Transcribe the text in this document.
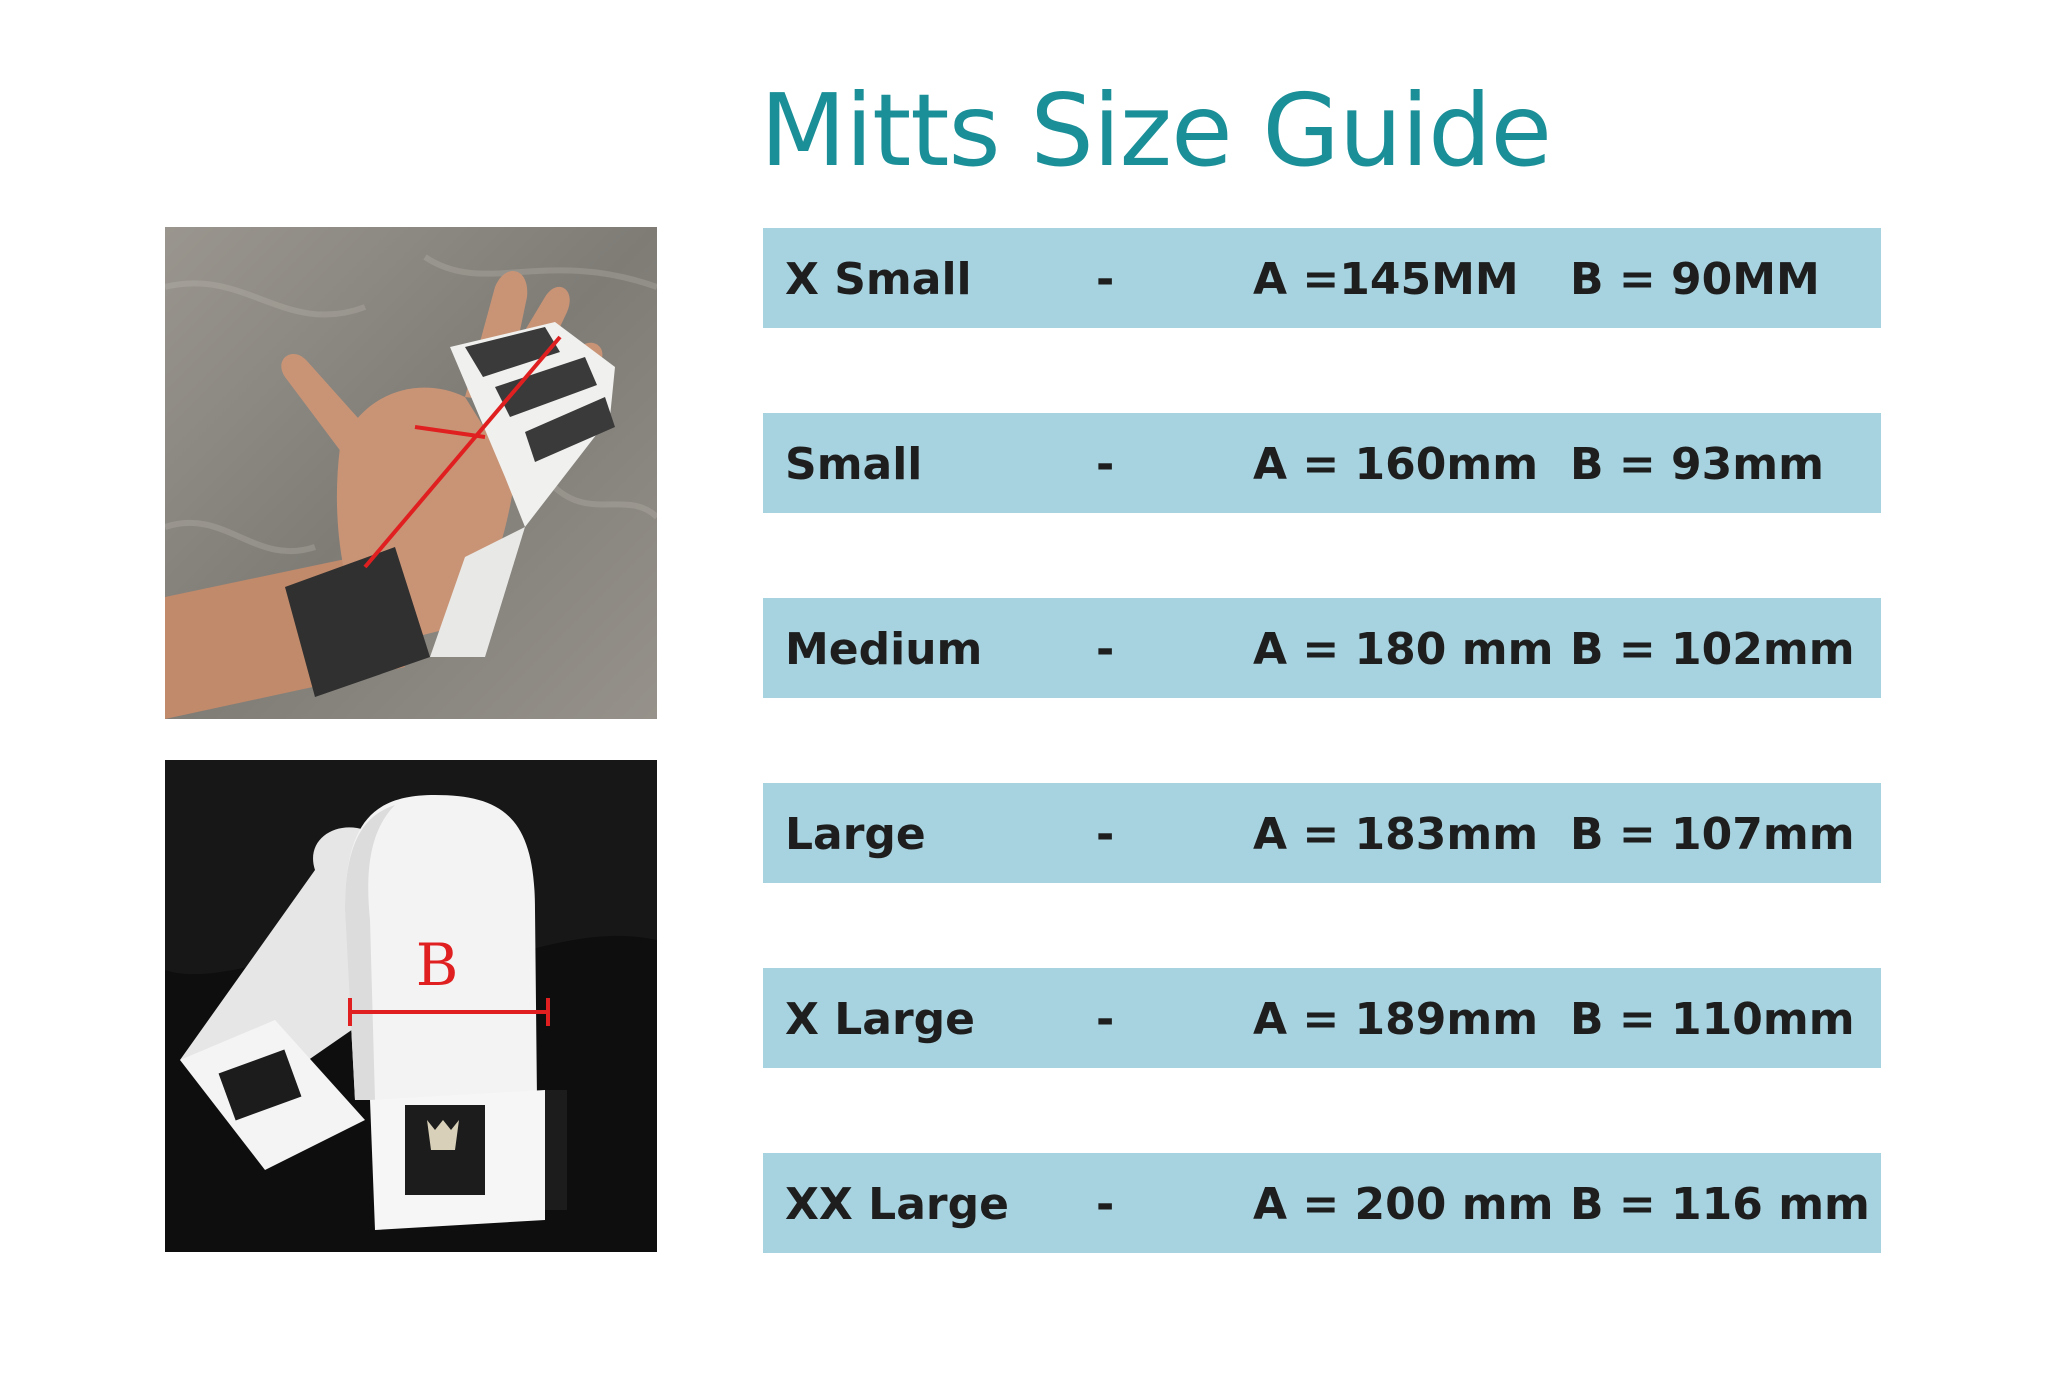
Mitts Size Guide
B
X Small	-	A =145MM B = 90MM
Small	-	A = 160mm B = 93mm
Medium	-	A = 180 mm B = 102mm
Large	-	A = 183mm B = 107mm
X Large	-	A = 189mm B = 110mm
XX Large -	A = 200 mm B = 116 mm
